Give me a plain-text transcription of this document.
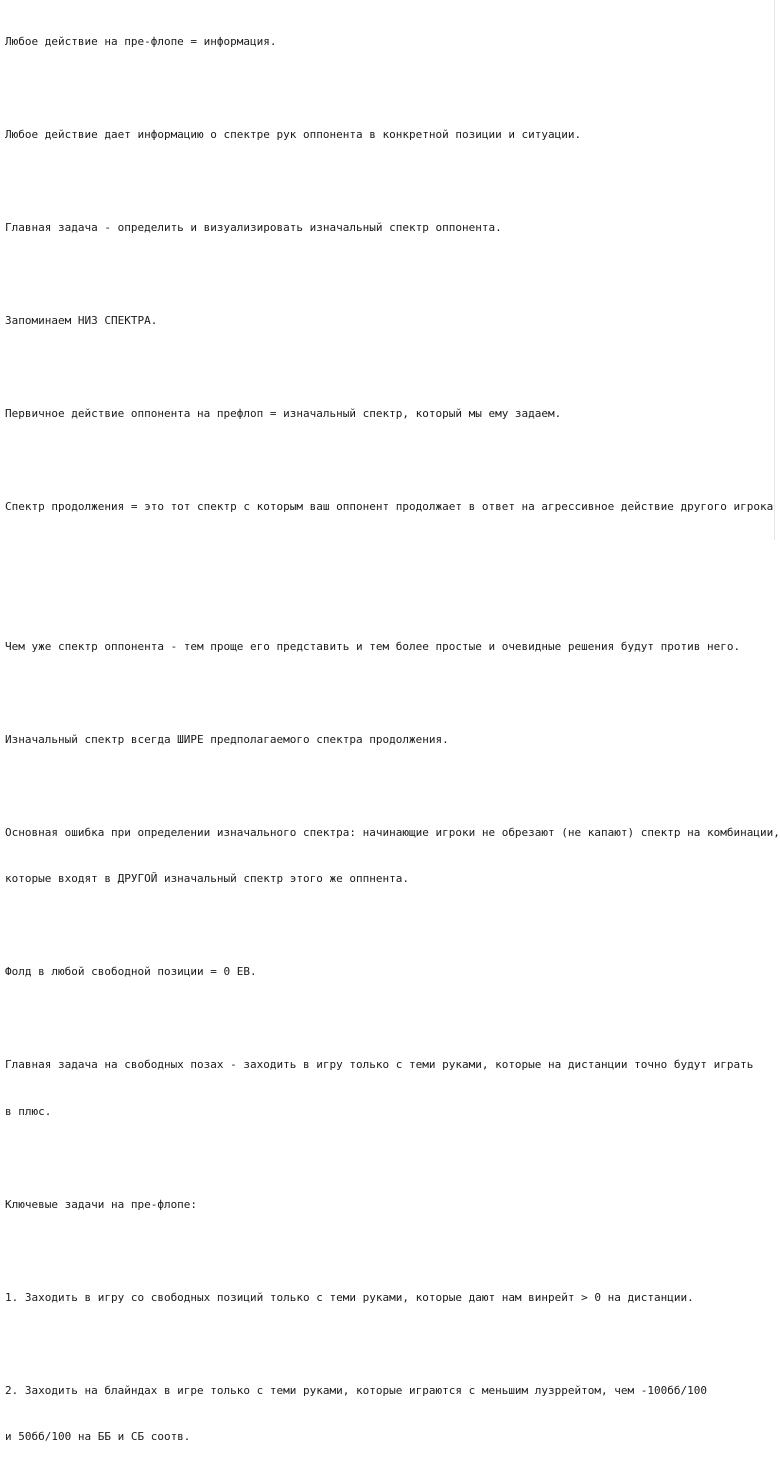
Любое действие на пре-флопе = информация.

Любое действие дает информацию о спектре рук оппонента в конкретной позиции и ситуации.

Главная задача - определить и визуализировать изначальный спектр оппонента.

Запоминаем НИЗ СПЕКТРА.

Первичное действие оппонента на префлоп = изначальный спектр, который мы ему задаем.

Спектр продолжения = это тот спектр с которым ваш оппонент продолжает в ответ на агрессивное действие другого игрока

Чем уже спектр оппонента - тем проще его представить и тем более простые и очевидные решения будут против него.

Изначальный спектр всегда ШИРЕ предполагаемого спектра продолжения.

Основная ошибка при определении изначального спектра: начинающие игроки не обрезают (не капают) спектр на комбинации,

которые входят в ДРУГОЙ изначальный спектр этого же оппнента.

Фолд в любой свободной позиции = 0 EB.

Главная задача на свободных позах - заходить в игру только с теми руками, которые на дистанции точно будут играть

в плюс.

Ключевые задачи на пре-флопе:

1. Заходить в игру со свободных позиций только с теми руками, которые дают нам винрейт > 0 на дистанции.

2. Заходить на блайндах в игре только с теми руками, которые играются с меньшим лузррейтом, чем -100бб/100

и 50бб/100 на ББ и СБ соотв.
